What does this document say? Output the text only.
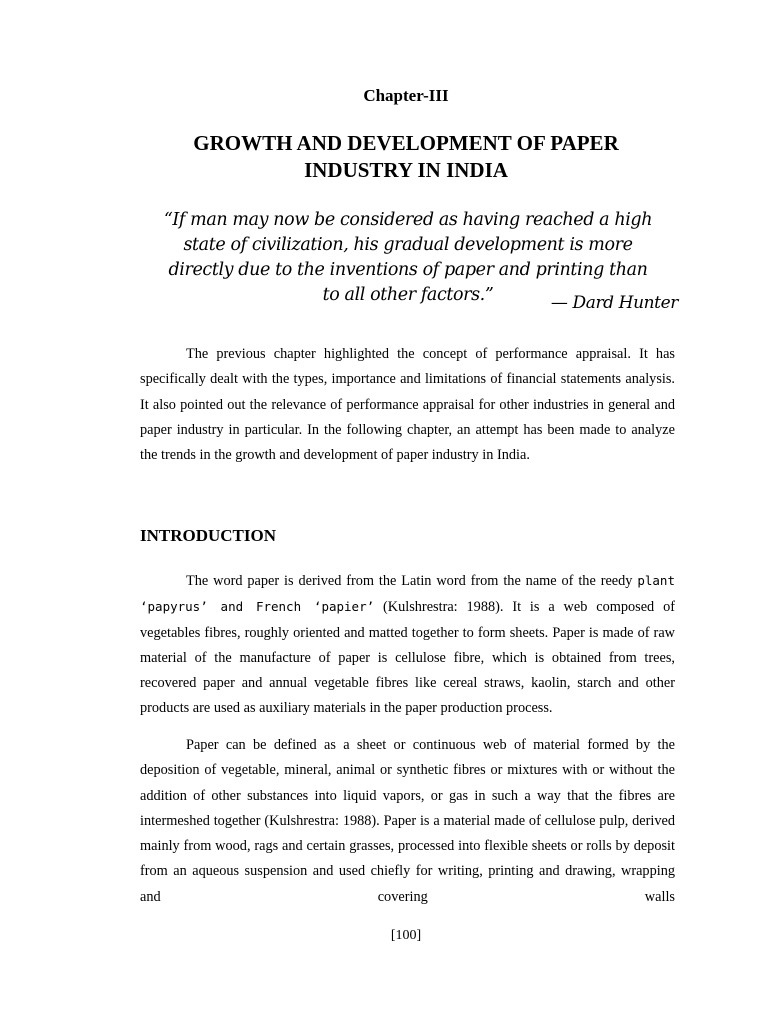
Chapter-III

GROWTH AND DEVELOPMENT OF PAPER INDUSTRY IN INDIA

“If man may now be considered as having reached a high state of civilization, his gradual development is more directly due to the inventions of paper and printing than to all other factors.”	— Dard Hunter

The previous chapter highlighted the concept of performance appraisal. It has specifically dealt with the types, importance and limitations of financial statements analysis. It also pointed out the relevance of performance appraisal for other industries in general and paper industry in particular. In the following chapter, an attempt has been made to analyze the trends in the growth and development of paper industry in India.

INTRODUCTION

The word paper is derived from the Latin word from the name of the reedy plant ‘papyrus’ and French ‘papier’ (Kulshrestra: 1988). It is a web composed of vegetables fibres, roughly oriented and matted together to form sheets. Paper is made of raw material of the manufacture of paper is cellulose fibre, which is obtained from trees, recovered paper and annual vegetable fibres like cereal straws, kaolin, starch and other products are used as auxiliary materials in the paper production process.

Paper can be defined as a sheet or continuous web of material formed by the deposition of vegetable, mineral, animal or synthetic fibres or mixtures with or without the addition of other substances into liquid vapors, or gas in such a way that the fibres are intermeshed together (Kulshrestra: 1988). Paper is a material made of cellulose pulp, derived mainly from wood, rags and certain grasses, processed into flexible sheets or rolls by deposit from an aqueous suspension and used chiefly for writing, printing and drawing, wrapping and covering walls

[100]
